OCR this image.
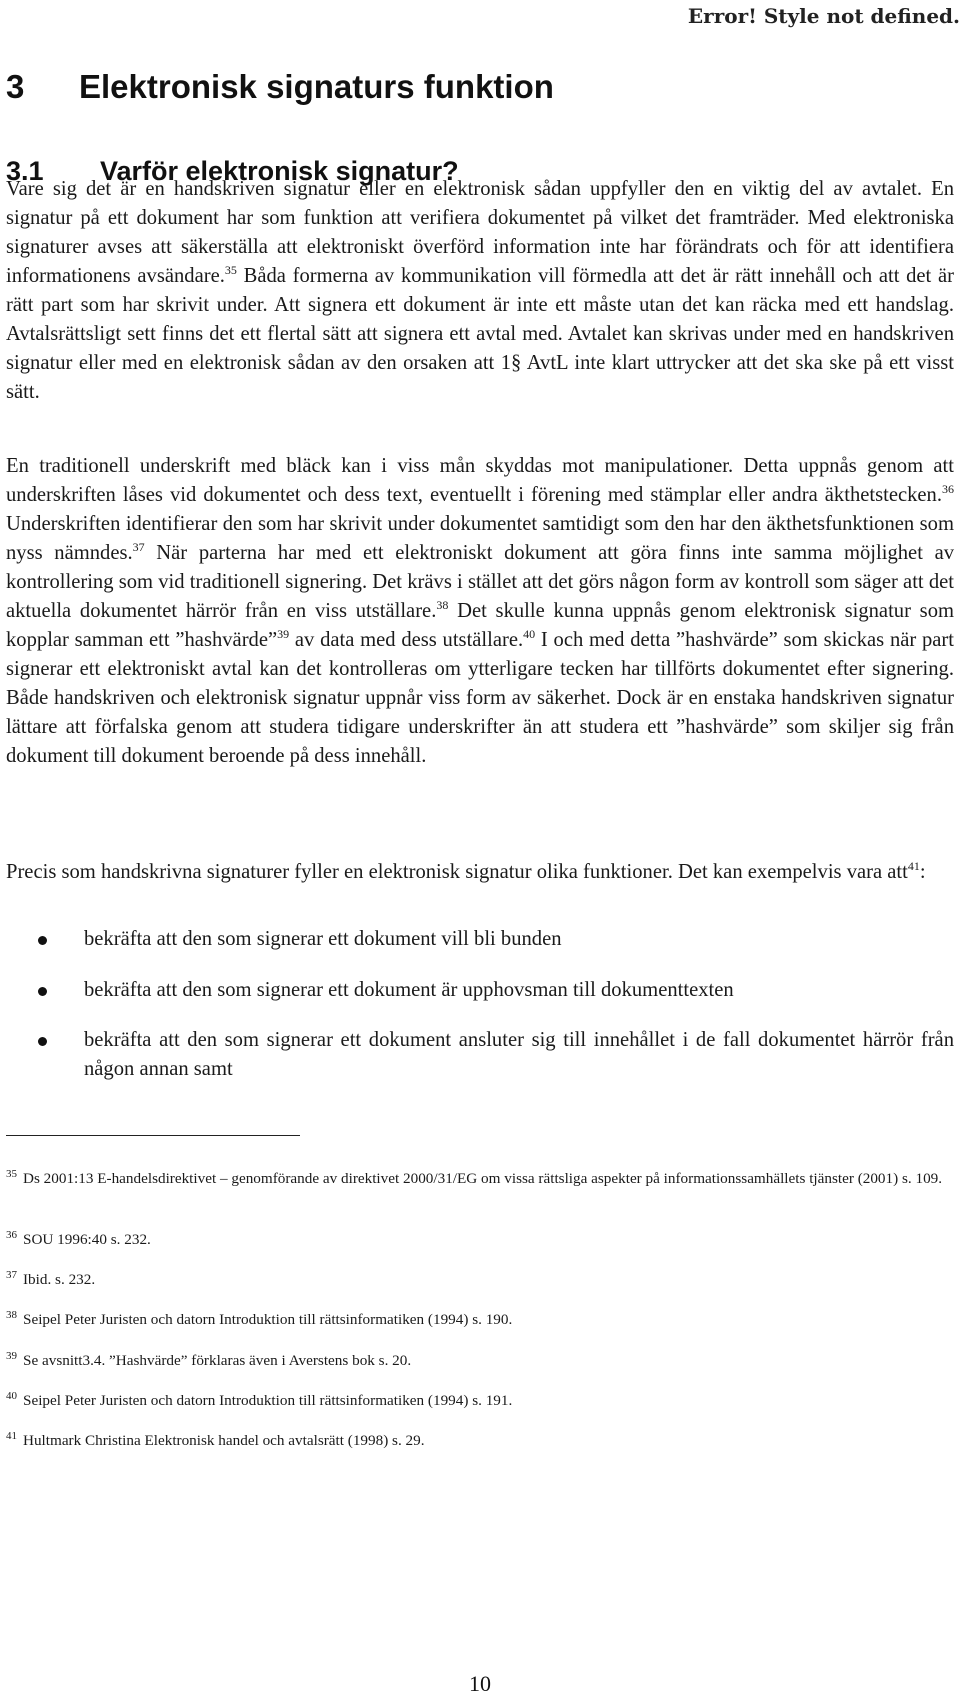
Error! Style not defined.
3 Elektronisk signaturs funktion
3.1 Varför elektronisk signatur?

Vare sig det är en handskriven signatur eller en elektronisk sådan uppfyller den en viktig del av avtalet. En signatur på ett dokument har som funktion att verifiera dokumentet på vilket det framträder. Med elektroniska signaturer avses att säkerställa att elektroniskt överförd information inte har förändrats och för att identifiera informationens avsändare.$^{35}$ Båda formerna av kommunikation vill förmedla att det är rätt innehåll och att det är rätt part som har skrivit under. Att signera ett dokument är inte ett måste utan det kan räcka med ett handslag. Avtalsrättsligt sett finns det ett flertal sätt att signera ett avtal med. Avtalet kan skrivas under med en handskriven signatur eller med en elektronisk sådan av den orsaken att 1§ AvtL inte klart uttrycker att det ska ske på ett visst sätt.

En traditionell underskrift med bläck kan i viss mån skyddas mot manipulationer. Detta uppnås genom att underskriften låses vid dokumentet och dess text, eventuellt i förening med stämplar eller andra äkthetstecken.$^{36}$ Underskriften identifierar den som har skrivit under dokumentet samtidigt som den har den äkthetsfunktionen som nyss nämndes.$^{37}$ När parterna har med ett elektroniskt dokument att göra finns inte samma möjlighet av kontrollering som vid traditionell signering. Det krävs i stället att det görs någon form av kontroll som säger att det aktuella dokumentet härrör från en viss utställare.$^{38}$ Det skulle kunna uppnås genom elektronisk signatur som kopplar samman ett ”hashvärde”$^{39}$ av data med dess utställare.$^{40}$ I och med detta ”hashvärde” som skickas när part signerar ett elektroniskt avtal kan det kontrolleras om ytterligare tecken har tillförts dokumentet efter signering. Både handskriven och elektronisk signatur uppnår viss form av säkerhet. Dock är en enstaka handskriven signatur lättare att förfalska genom att studera tidigare underskrifter än att studera ett ”hashvärde” som skiljer sig från dokument till dokument beroende på dess innehåll.

Precis som handskrivna signaturer fyller en elektronisk signatur olika funktioner. Det kan exempelvis vara att$^{41}$:

bekräfta att den som signerar ett dokument vill bli bunden
bekräfta att den som signerar ett dokument är upphovsman till dokumenttexten
bekräfta att den som signerar ett dokument ansluter sig till innehållet i de fall dokumentet härrör från någon annan samt
$^{35}$ Ds 2001:13 E-handelsdirektivet – genomförande av direktivet 2000/31/EG om vissa rättsliga aspekter på informationssamhällets tjänster (2001) s. 109.
$^{36}$ SOU 1996:40 s. 232.
$^{37}$ Ibid. s. 232.
$^{38}$ Seipel Peter Juristen och datorn Introduktion till rättsinformatiken (1994) s. 190.
$^{39}$ Se avsnitt3.4. ”Hashvärde” förklaras även i Averstens bok s. 20.
$^{40}$ Seipel Peter Juristen och datorn Introduktion till rättsinformatiken (1994) s. 191.
$^{41}$ Hultmark Christina Elektronisk handel och avtalsrätt (1998) s. 29.
10
